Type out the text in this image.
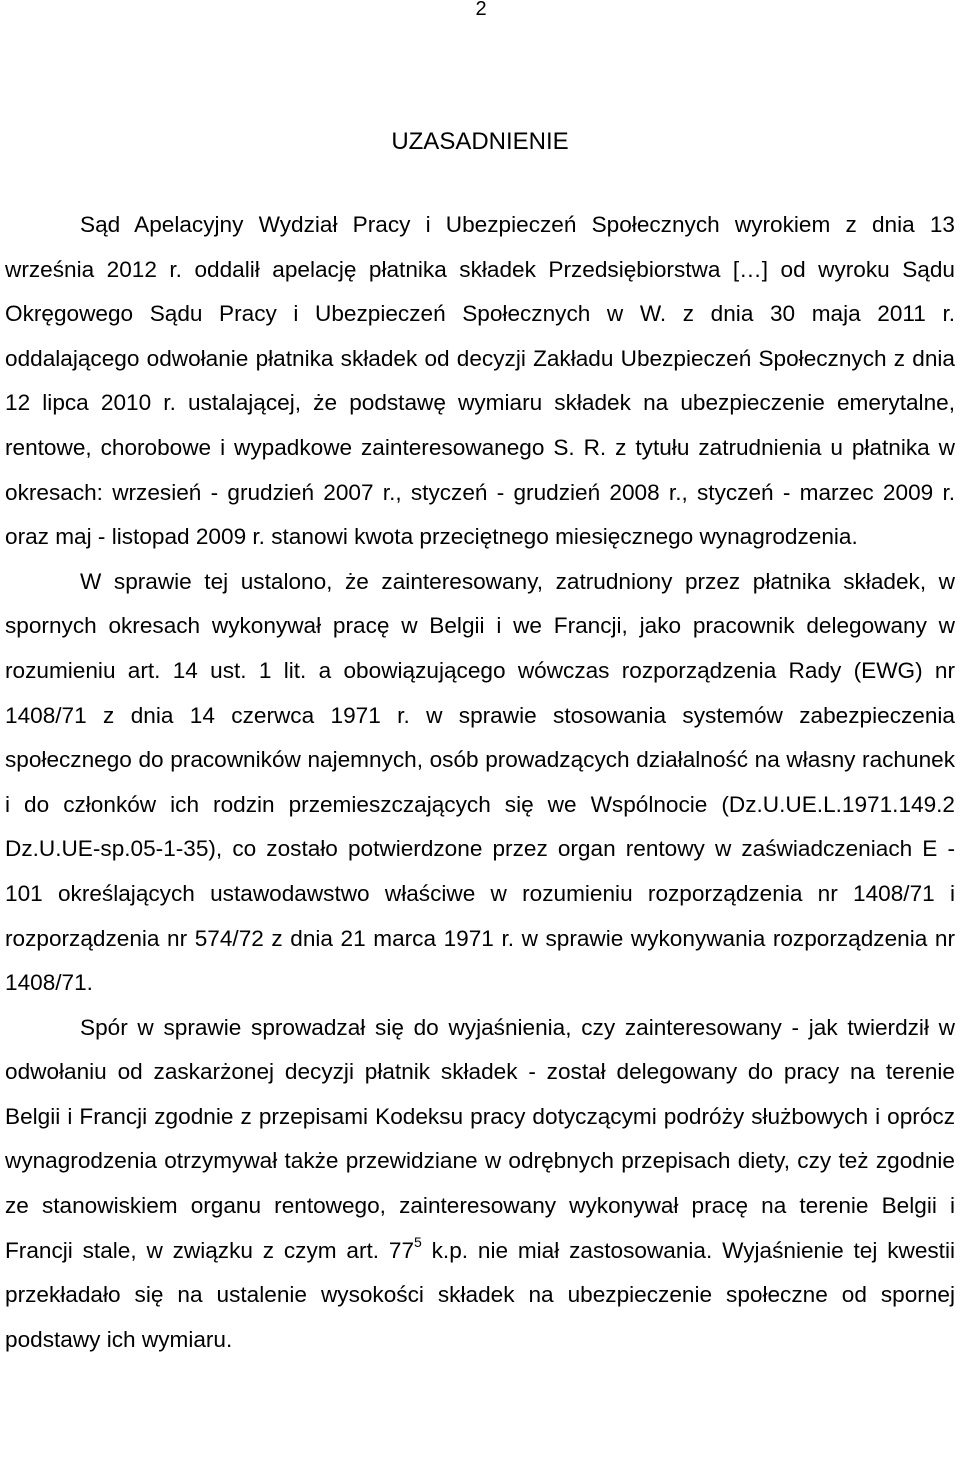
2
UZASADNIENIE

Sąd Apelacyjny Wydział Pracy i Ubezpieczeń Społecznych wyrokiem z dnia 13 września 2012 r. oddalił apelację płatnika składek Przedsiębiorstwa […] od wyroku Sądu Okręgowego Sądu Pracy i Ubezpieczeń Społecznych w W. z dnia 30 maja 2011 r. oddalającego odwołanie płatnika składek od decyzji Zakładu Ubezpieczeń Społecznych z dnia 12 lipca 2010 r. ustalającej, że podstawę wymiaru składek na ubezpieczenie emerytalne, rentowe, chorobowe i wypadkowe zainteresowanego S. R. z tytułu zatrudnienia u płatnika w okresach: wrzesień - grudzień 2007 r., styczeń - grudzień 2008 r., styczeń - marzec 2009 r. oraz maj - listopad 2009 r. stanowi kwota przeciętnego miesięcznego wynagrodzenia.

W sprawie tej ustalono, że zainteresowany, zatrudniony przez płatnika składek, w spornych okresach wykonywał pracę w Belgii i we Francji, jako pracownik delegowany w rozumieniu art. 14 ust. 1 lit. a obowiązującego wówczas rozporządzenia Rady (EWG) nr 1408/71 z dnia 14 czerwca 1971 r. w sprawie stosowania systemów zabezpieczenia społecznego do pracowników najemnych, osób prowadzących działalność na własny rachunek i do członków ich rodzin przemieszczających się we Wspólnocie (Dz.U.UE.L.1971.149.2 Dz.U.UE-sp.05-1-35), co zostało potwierdzone przez organ rentowy w zaświadczeniach E - 101 określających ustawodawstwo właściwe w rozumieniu rozporządzenia nr 1408/71 i rozporządzenia nr 574/72 z dnia 21 marca 1971 r. w sprawie wykonywania rozporządzenia nr 1408/71.

Spór w sprawie sprowadzał się do wyjaśnienia, czy zainteresowany - jak twierdził w odwołaniu od zaskarżonej decyzji płatnik składek - został delegowany do pracy na terenie Belgii i Francji zgodnie z przepisami Kodeksu pracy dotyczącymi podróży służbowych i oprócz wynagrodzenia otrzymywał także przewidziane w odrębnych przepisach diety, czy też zgodnie ze stanowiskiem organu rentowego, zainteresowany wykonywał pracę na terenie Belgii i Francji stale, w związku z czym art. $77^5$ k.p. nie miał zastosowania. Wyjaśnienie tej kwestii przekładało się na ustalenie wysokości składek na ubezpieczenie społeczne od spornej podstawy ich wymiaru.
